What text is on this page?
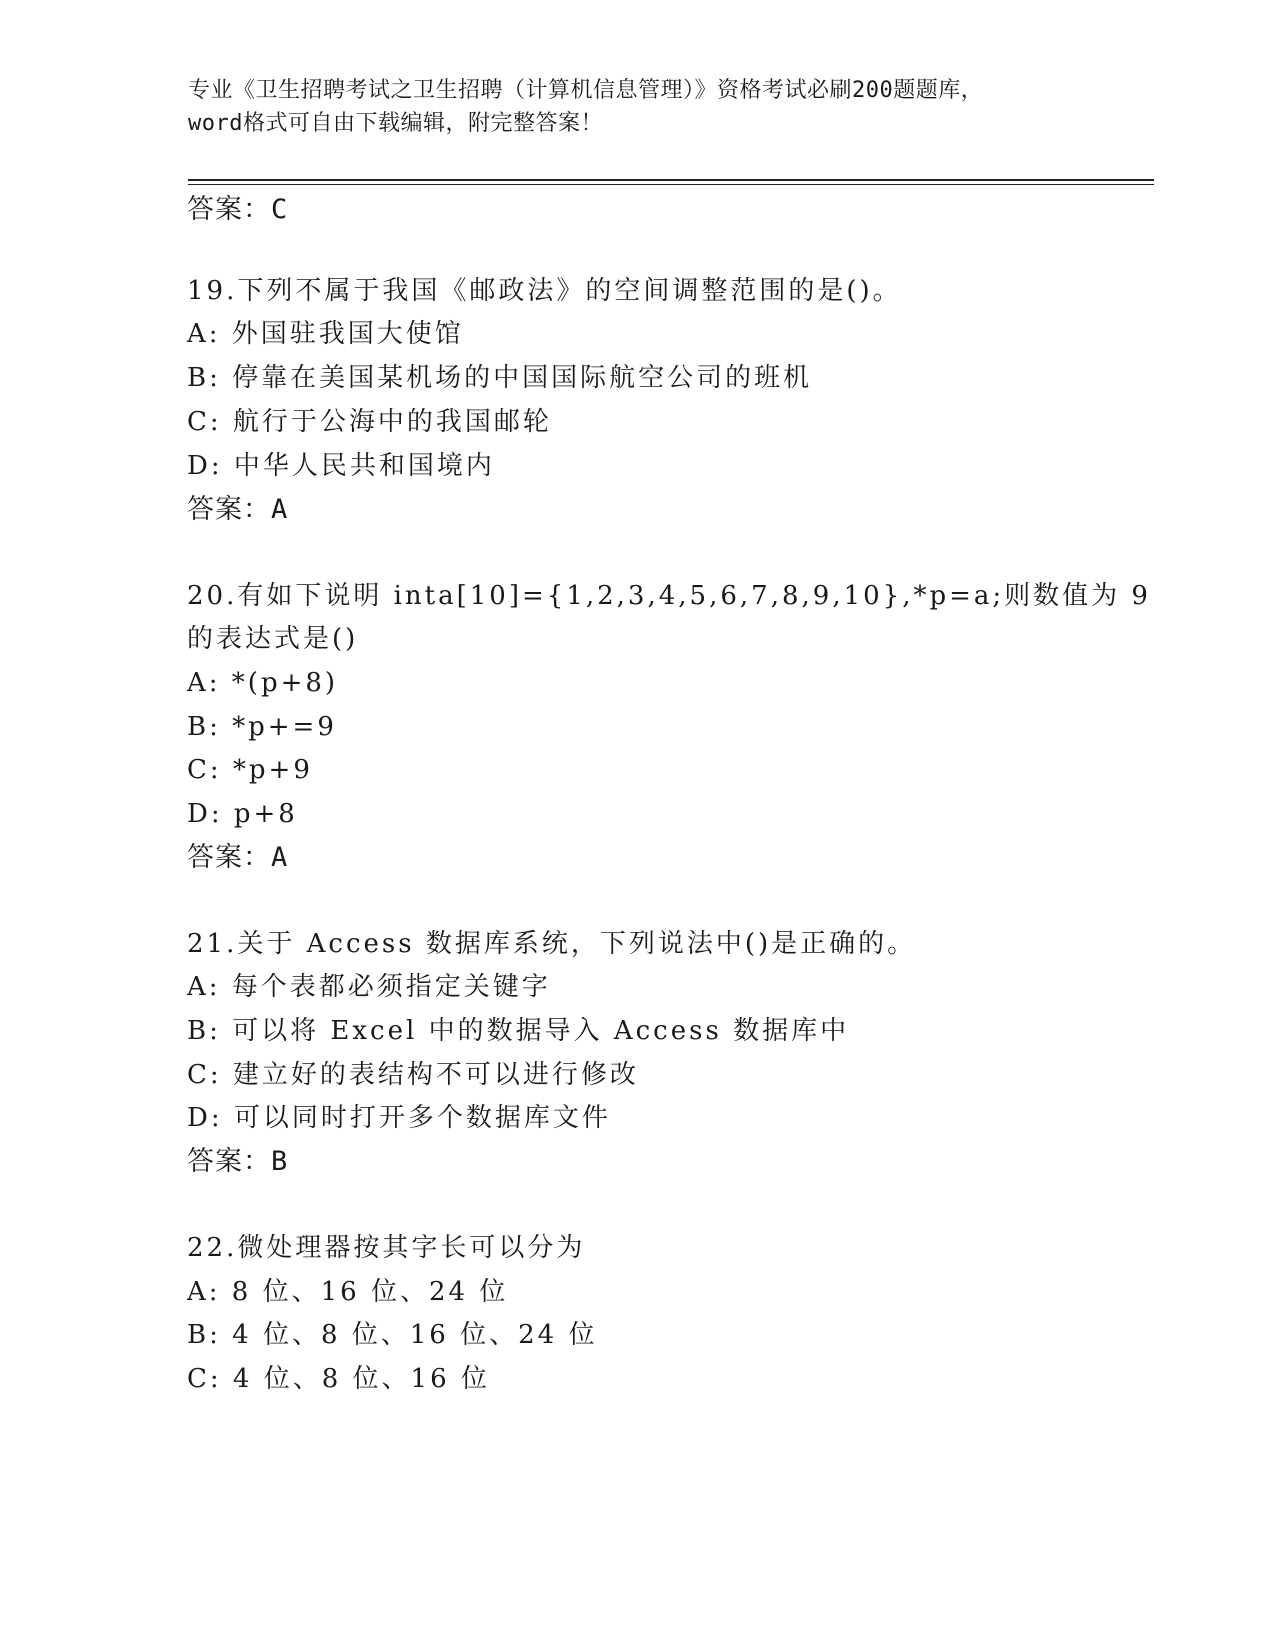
专业《卫生招聘考试之卫生招聘（计算机信息管理）》资格考试必刷200题题库，
word格式可自由下载编辑，附完整答案！
答案：C
19.下列不属于我国《邮政法》的空间调整范围的是()。
A: 外国驻我国大使馆
B: 停靠在美国某机场的中国国际航空公司的班机
C: 航行于公海中的我国邮轮
D: 中华人民共和国境内
答案：A
20.有如下说明 inta[10]={1,2,3,4,5,6,7,8,9,10},*p=a;则数值为 9
的表达式是()
A: *(p+8)
B: *p+=9
C: *p+9
D: p+8
答案：A
21.关于 Access 数据库系统，下列说法中()是正确的。
A: 每个表都必须指定关键字
B: 可以将 Excel 中的数据导入 Access 数据库中
C: 建立好的表结构不可以进行修改
D: 可以同时打开多个数据库文件
答案：B
22.微处理器按其字长可以分为
A: 8 位、16 位、24 位
B: 4 位、8 位、16 位、24 位
C: 4 位、8 位、16 位
